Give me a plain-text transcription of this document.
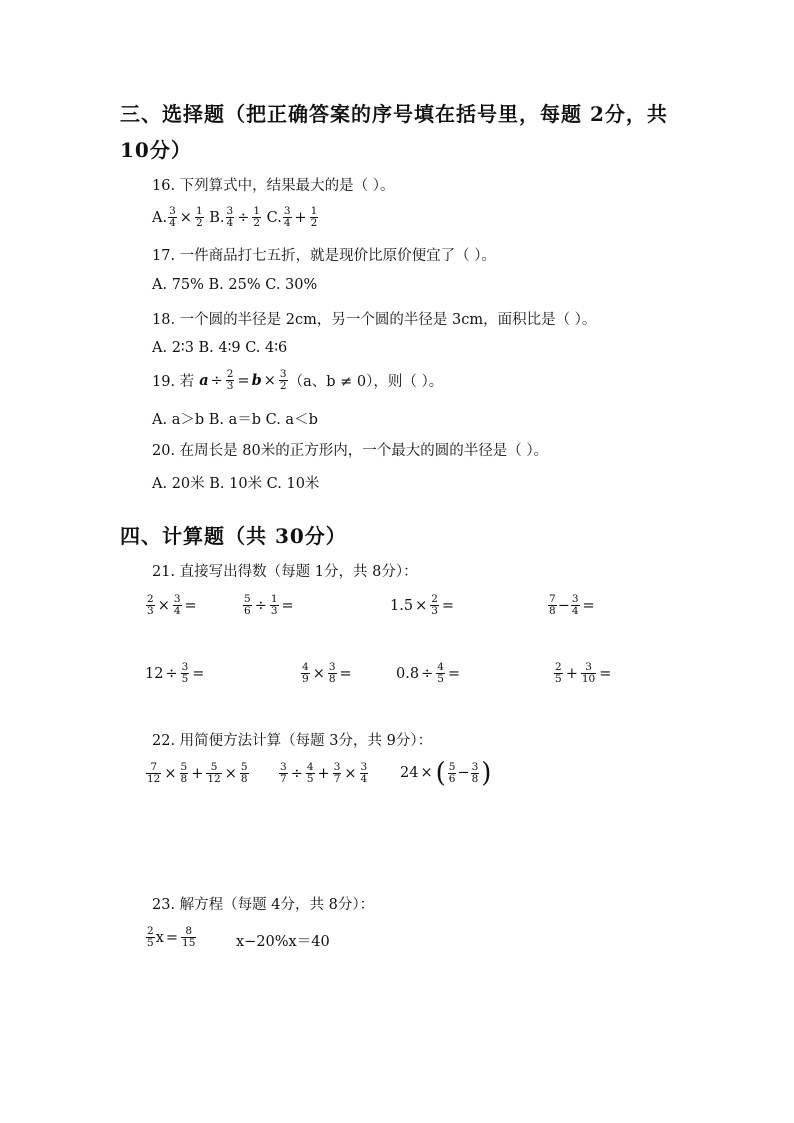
三、选择题（把正确答案的序号填在括号里，每题 2分，共
10分）
16. 下列算式中，结果最大的是（ ）。
A. $\frac{3}{4} \times \frac{1}{2} B$. $\frac{3}{4} \div \frac{1}{2} C$. $\frac{3}{4} + \frac{1}{2}$
17. 一件商品打七五折，就是现价比原价便宜了（ ）。
A. 75% B. 25% C. 30%
18. 一个圆的半径是 2cm，另一个圆的半径是 3cm，面积比是（ ）。
A. 2∶3 B. 4∶9 C. 4∶6
19. 若 $a \div \frac{2}{3} = b \times \frac{3}{2} (a$、b ≠ 0），则（ ）。
A. a＞b B. a＝b C. a＜b
20. 在周长是 80米的正方形内，一个最大的圆的半径是（ ）。
A. 20米 B. 10米 C. 10米
四、计算题（共 30分）
21. 直接写出得数（每题 1分，共 8分）：
$\frac{2}{3} \times \frac{3}{4}$ =	$\frac{5}{6} \div \frac{1}{3}$ =	$1.5 \times \frac{2}{3}$ =	$\frac{7}{8} - \frac{3}{4}$ =
$12 \div \frac{3}{5}$ =	$\frac{4}{9} \times \frac{3}{8}$ =	$0.8 \div \frac{4}{5}$ =	$\frac{2}{5} + \frac{3}{10}$ =
22. 用简便方法计算（每题 3分，共 9分）：
$\frac{7}{12} \times \frac{5}{8} + \frac{5}{12} \times \frac{5}{8}$	$\frac{3}{7} \div \frac{4}{5} + \frac{3}{7} \times \frac{3}{4} 24$ × ( $\frac{5}{6} - \frac{3}{8}$ )
23. 解方程（每题 4分，共 8分）：
$\frac{2}{5}$ $x = \frac{8}{15}$	x−20%x＝40
